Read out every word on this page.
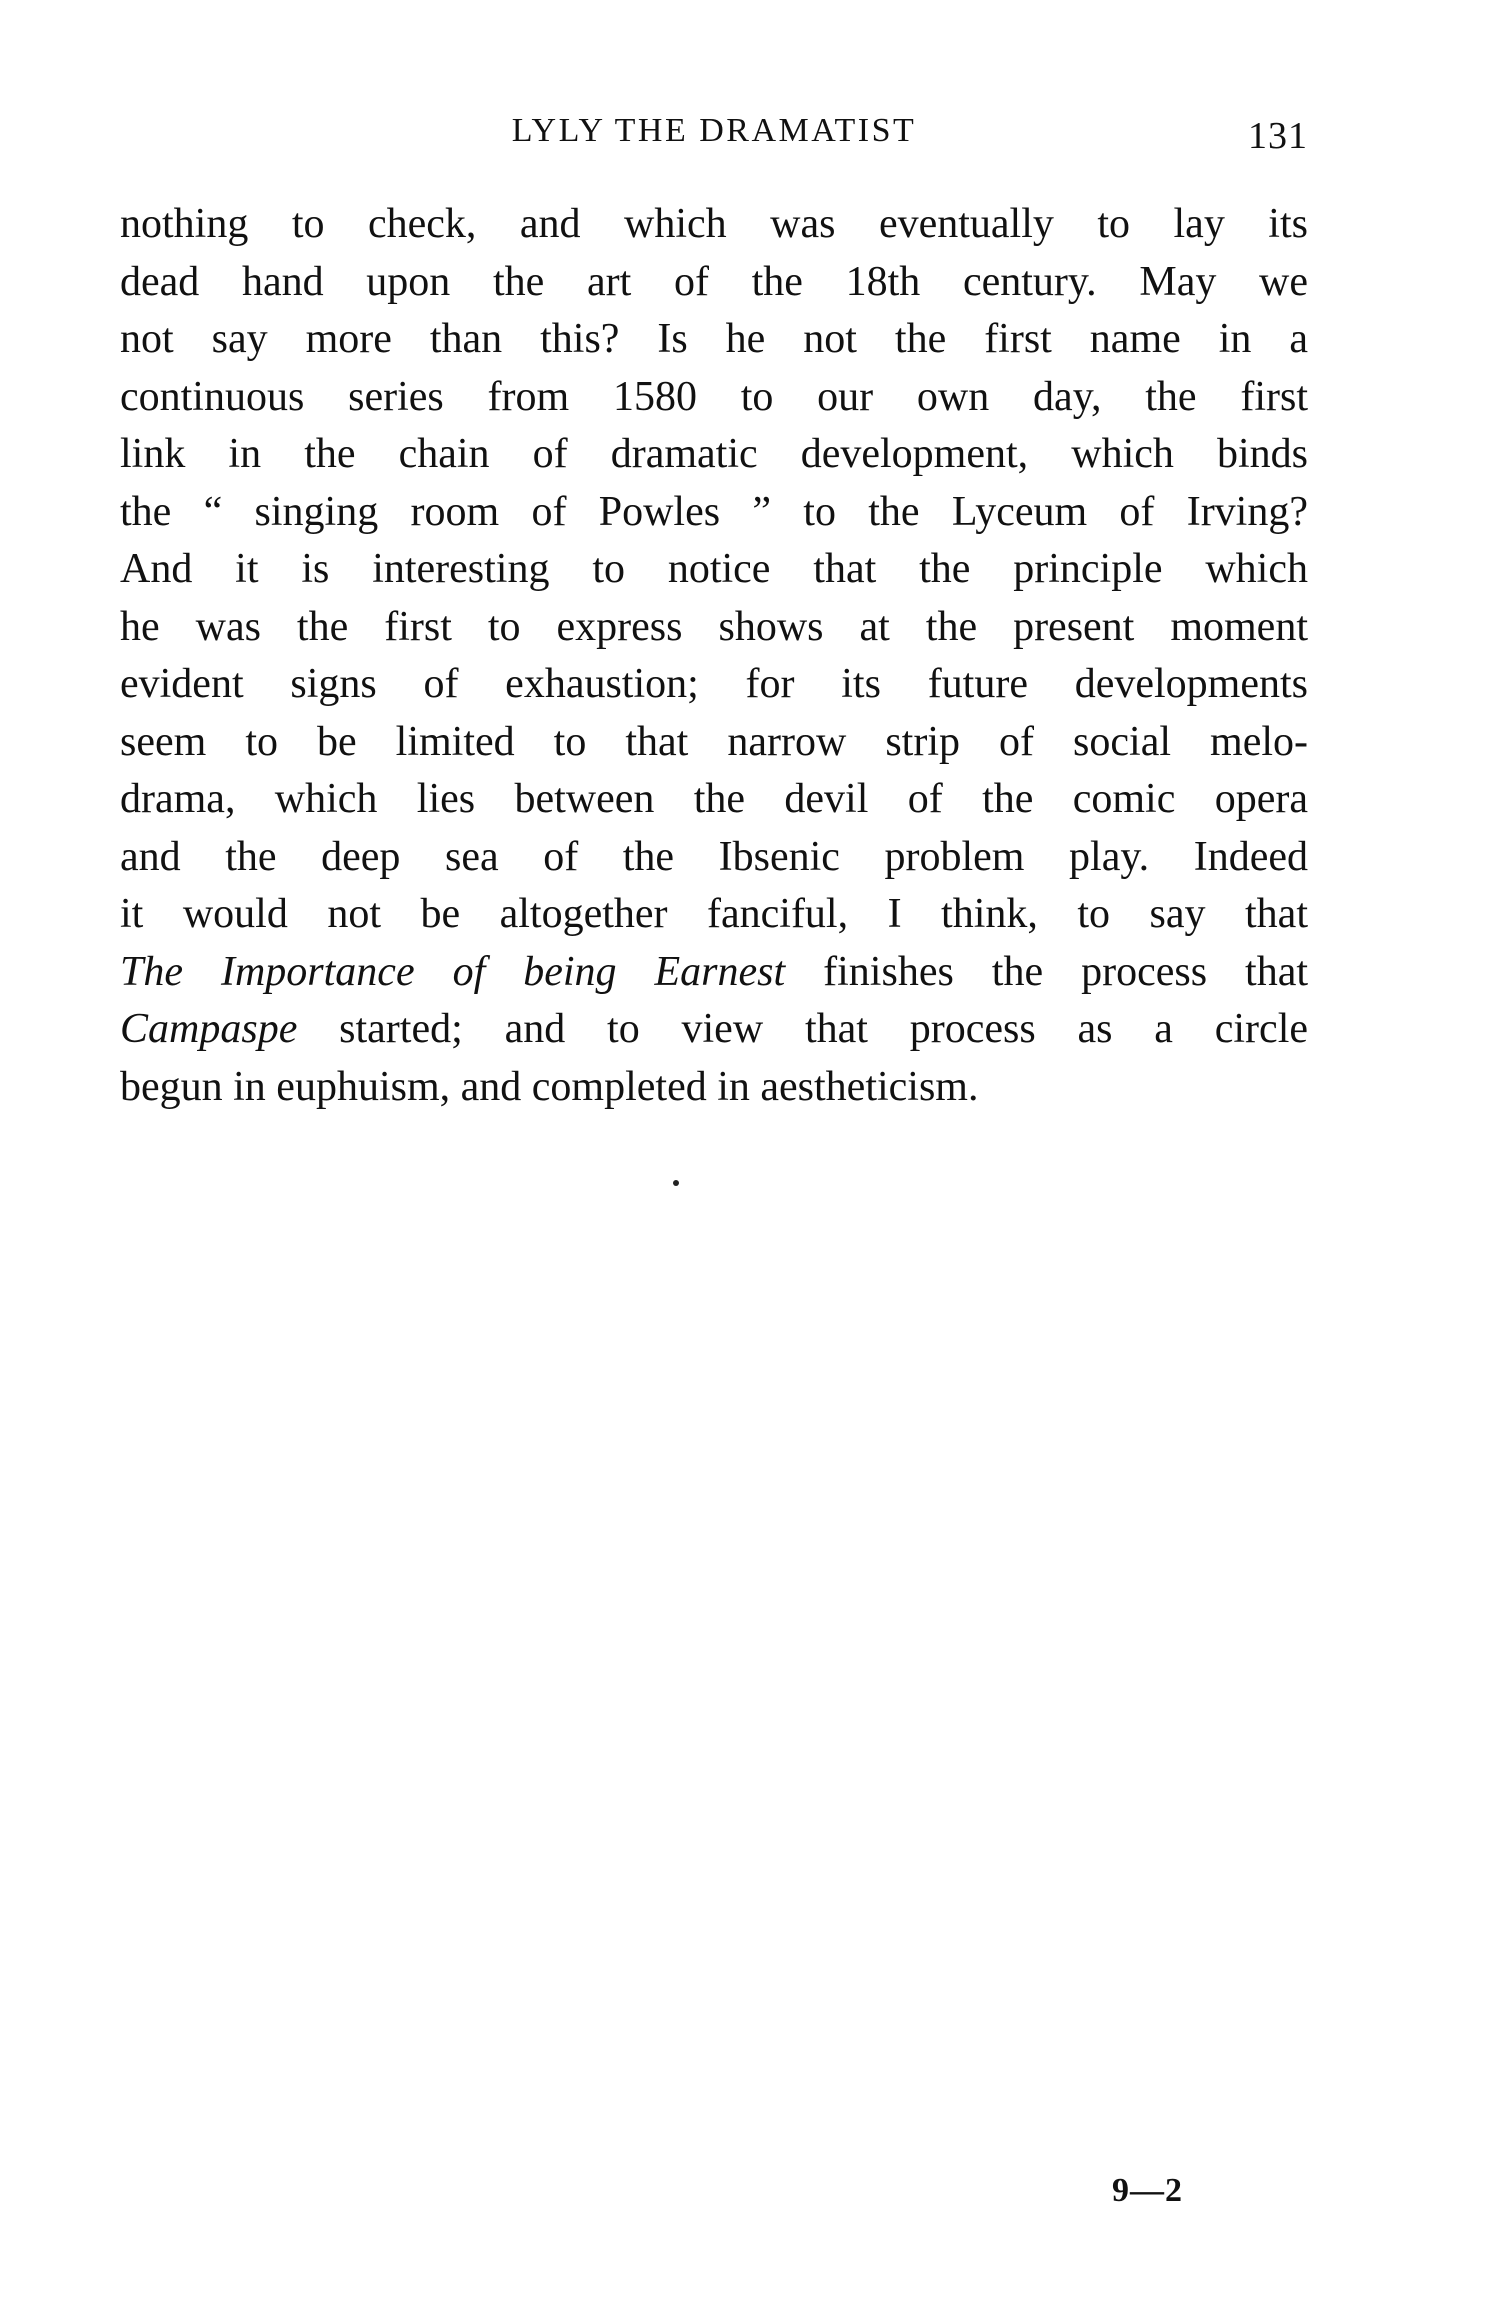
LYLY THE DRAMATIST	131
nothing to check, and which was eventually to lay its
dead hand upon the art of the 18th century. May we
not say more than this? Is he not the first name in a
continuous series from 1580 to our own day, the first
link in the chain of dramatic development, which binds
the “ singing room of Powles ” to the Lyceum of Irving?
And it is interesting to notice that the principle which
he was the first to express shows at the present moment
evident signs of exhaustion; for its future developments
seem to be limited to that narrow strip of social melo-
drama, which lies between the devil of the comic opera
and the deep sea of the Ibsenic problem play. Indeed
it would not be altogether fanciful, I think, to say that
The Importance of being Earnest finishes the process that
Campaspe started; and to view that process as a circle
begun in euphuism, and completed in aestheticism.
9—2
